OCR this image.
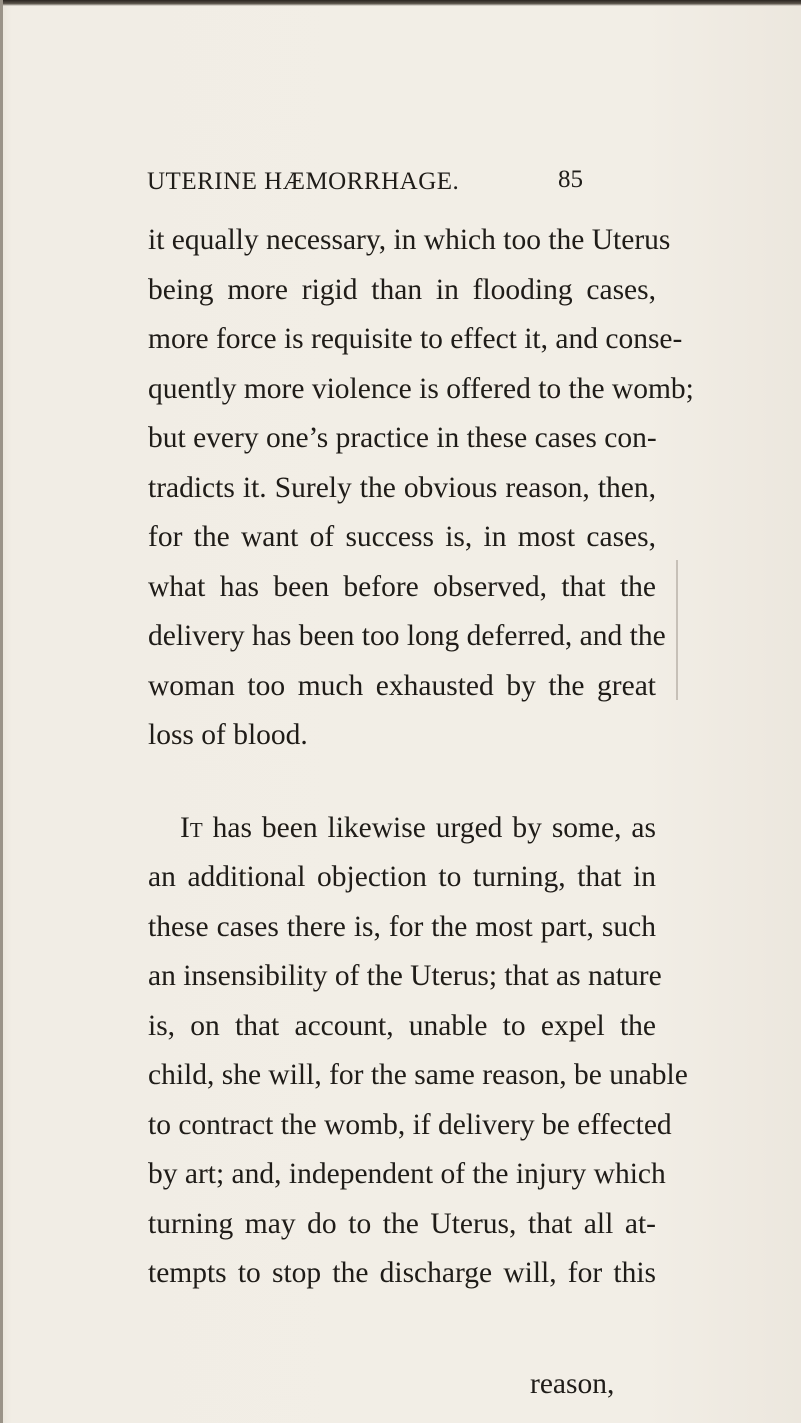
UTERINE HÆMORRHAGE.	85
it equally necessary, in which too the Uterus
being more rigid than in flooding cases,
more force is requisite to effect it, and conse-
quently more violence is offered to the womb;
but every one’s practice in these cases con-
tradicts it. Surely the obvious reason, then,
for the want of success is, in most cases,
what has been before observed, that the
delivery has been too long deferred, and the
woman too much exhausted by the great
loss of blood.
It has been likewise urged by some, as
an additional objection to turning, that in
these cases there is, for the most part, such
an insensibility of the Uterus; that as nature
is, on that account, unable to expel the
child, she will, for the same reason, be unable
to contract the womb, if delivery be effected
by art; and, independent of the injury which
turning may do to the Uterus, that all at-
tempts to stop the discharge will, for this
reason,
